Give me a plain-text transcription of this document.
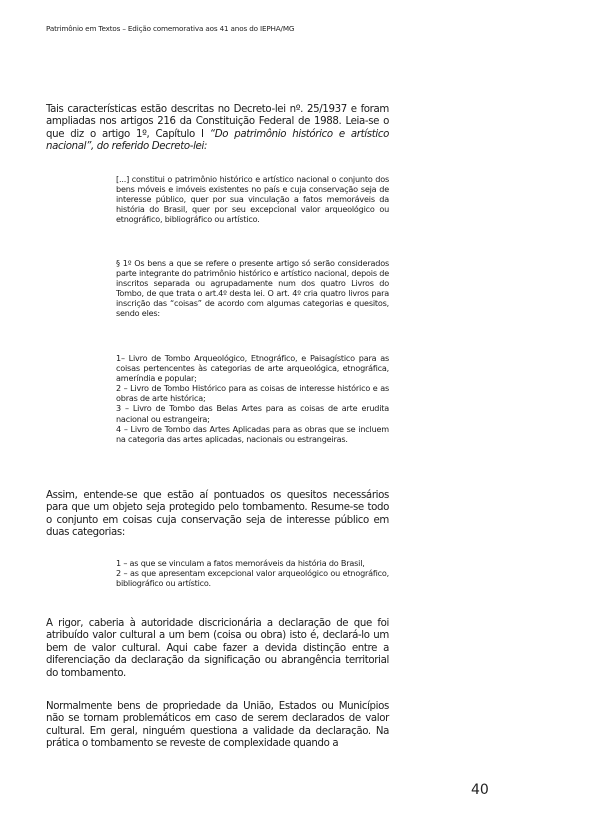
Patrimônio em Textos – Edição comemorativa aos 41 anos do IEPHA/MG

Tais características estão descritas no Decreto-lei nº. 25/1937 e foram ampliadas nos artigos 216 da Constituição Federal de 1988. Leia-se o que diz o artigo 1º, Capítulo I “Do patrimônio histórico e artístico nacional”, do referido Decreto-lei:

[...] constitui o patrimônio histórico e artístico nacional o conjunto dos bens móveis e imóveis existentes no país e cuja conservação seja de interesse público, quer por sua vinculação a fatos memoráveis da história do Brasil, quer por seu excepcional valor arqueológico ou etnográfico, bibliográfico ou artístico.

§ 1º Os bens a que se refere o presente artigo só serão considerados parte integrante do patrimônio histórico e artístico nacional, depois de inscritos separada ou agrupadamente num dos quatro Livros do Tombo, de que trata o art.4º desta lei. O art. 4º cria quatro livros para inscrição das “coisas” de acordo com algumas categorias e quesitos, sendo eles:

1– Livro de Tombo Arqueológico, Etnográfico, e Paisagístico para as coisas pertencentes às categorias de arte arqueológica, etnográfica, ameríndia e popular;
2 – Livro de Tombo Histórico para as coisas de interesse histórico e as obras de arte histórica;
3 – Livro de Tombo das Belas Artes para as coisas de arte erudita nacional ou estrangeira;
4 – Livro de Tombo das Artes Aplicadas para as obras que se incluem na categoria das artes aplicadas, nacionais ou estrangeiras.

Assim, entende-se que estão aí pontuados os quesitos necessários para que um objeto seja protegido pelo tombamento. Resume-se todo o conjunto em coisas cuja conservação seja de interesse público em duas categorias:

1 – as que se vinculam a fatos memoráveis da história do Brasil,
2 – as que apresentam excepcional valor arqueológico ou etnográfico, bibliográfico ou artístico.

A rigor, caberia à autoridade discricionária a declaração de que foi atribuído valor cultural a um bem (coisa ou obra) isto é, declará-lo um bem de valor cultural. Aqui cabe fazer a devida distinção entre a diferenciação da declaração da significação ou abrangência territorial do tombamento.

Normalmente bens de propriedade da União, Estados ou Municípios não se tornam problemáticos em caso de serem declarados de valor cultural. Em geral, ninguém questiona a validade da declaração. Na prática o tombamento se reveste de complexidade quando a

40
